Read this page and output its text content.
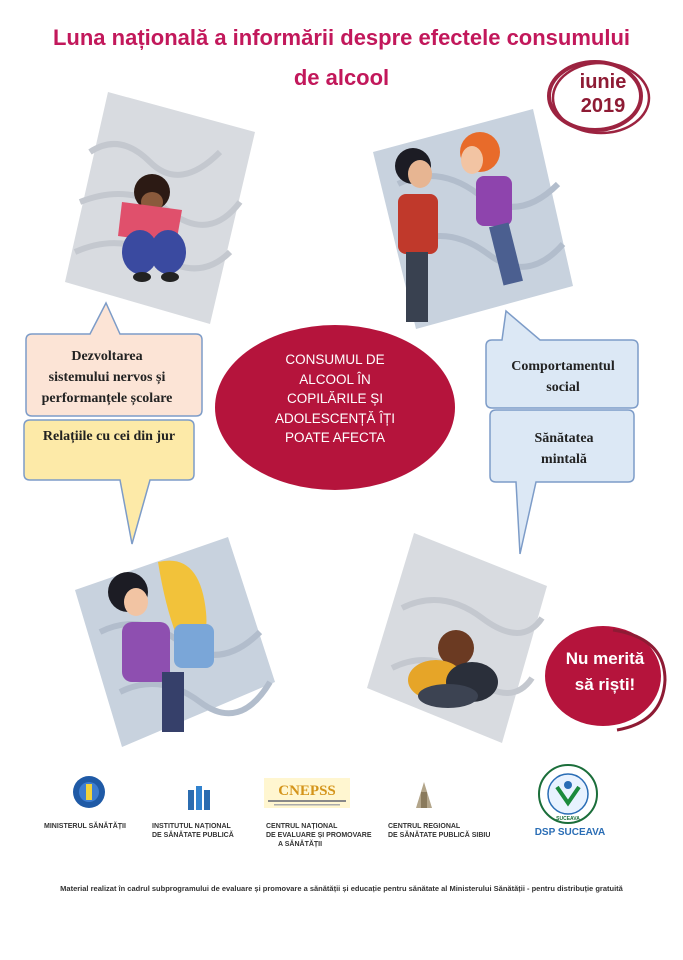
Luna națională a informării despre efectele consumului
de alcool	iunie
2019
Dezvoltarea
sistemului nervos și
performanțele școlare
Relațiile cu cei din jur
CONSUMUL DE
ALCOOL ÎN
COPILĂRILE ȘI
ADOLESCENȚĂ ÎȚI
POATE AFECTA
Comportamentul
social
Sănătatea
mintală
Nu merită
să riști!
MINISTERUL SĂNĂTĂȚII	INSTITUTUL NAȚIONAL
DE SĂNĂTATE PUBLICĂ
CNEPSS
CENTRUL NAȚIONAL
DE EVALUARE ȘI PROMOVARE
A SĂNĂTĂȚII
CENTRUL REGIONAL
DE SĂNĂTATE PUBLICĂ SIBIU
SUCEAVA
DSP SUCEAVA
Material realizat în cadrul subprogramului de evaluare și promovare a sănătății și educație pentru sănătate al Ministerului Sănătății - pentru distribuție gratuită
